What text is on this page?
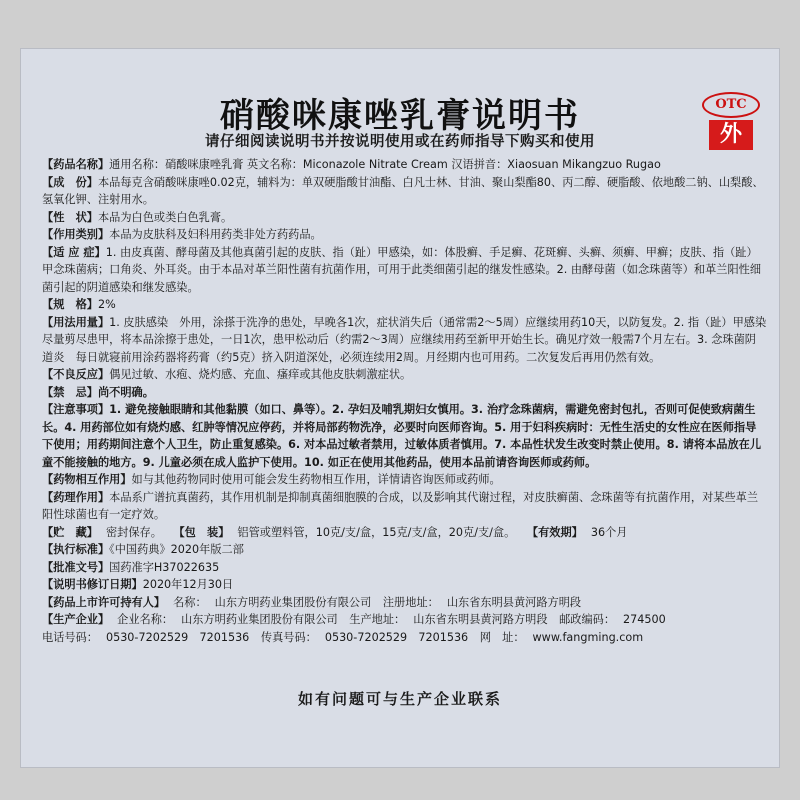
硝酸咪康唑乳膏说明书	OTC
外
请仔细阅读说明书并按说明使用或在药师指导下购买和使用
【药品名称】通用名称：硝酸咪康唑乳膏 英文名称：Miconazole Nitrate Cream 汉语拼音：Xiaosuan Mikangzuo Rugao
【成　份】本品每克含硝酸咪康唑0.02克，辅料为：单双硬脂酸甘油酯、白凡士林、甘油、聚山梨酯80、丙二醇、硬脂酸、依地酸二钠、山梨酸、氢氧化钾、注射用水。
【性　状】本品为白色或类白色乳膏。
【作用类别】本品为皮肤科及妇科用药类非处方药药品。
【适 应 症】1. 由皮真菌、酵母菌及其他真菌引起的皮肤、指（趾）甲感染，如：体股癣、手足癣、花斑癣、头癣、须癣、甲癣；皮肤、指（趾）甲念珠菌病；口角炎、外耳炎。由于本品对革兰阳性菌有抗菌作用，可用于此类细菌引起的继发性感染。2. 由酵母菌（如念珠菌等）和革兰阳性细菌引起的阴道感染和继发感染。
【规　格】2%
【用法用量】1. 皮肤感染　外用，涂搽于洗净的患处，早晚各1次，症状消失后（通常需2～5周）应继续用药10天，以防复发。2. 指（趾）甲感染　尽量剪尽患甲，将本品涂擦于患处，一日1次，患甲松动后（约需2～3周）应继续用药至新甲开始生长。确见疗效一般需7个月左右。3. 念珠菌阴道炎　每日就寝前用涂药器将药膏（约5克）挤入阴道深处，必须连续用2周。月经期内也可用药。二次复发后再用仍然有效。
【不良反应】偶见过敏、水疱、烧灼感、充血、瘙痒或其他皮肤刺激症状。
【禁　忌】尚不明确。
【注意事项】1. 避免接触眼睛和其他黏膜（如口、鼻等）。2. 孕妇及哺乳期妇女慎用。3. 治疗念珠菌病，需避免密封包扎，否则可促使致病菌生长。4. 用药部位如有烧灼感、红肿等情况应停药，并将局部药物洗净，必要时向医师咨询。5. 用于妇科疾病时：无性生活史的女性应在医师指导下使用；用药期间注意个人卫生，防止重复感染。6. 对本品过敏者禁用，过敏体质者慎用。7. 本品性状发生改变时禁止使用。8. 请将本品放在儿童不能接触的地方。9. 儿童必须在成人监护下使用。10. 如正在使用其他药品，使用本品前请咨询医师或药师。
【药物相互作用】如与其他药物同时使用可能会发生药物相互作用，详情请咨询医师或药师。
【药理作用】本品系广谱抗真菌药，其作用机制是抑制真菌细胞膜的合成，以及影响其代谢过程，对皮肤癣菌、念珠菌等有抗菌作用，对某些革兰阳性球菌也有一定疗效。
【贮　藏】 密封保存。 【包　装】 铝管或塑料管，10克/支/盒，15克/支/盒，20克/支/盒。 【有效期】 36个月
【执行标准】《中国药典》2020年版二部
【批准文号】国药准字H37022635
【说明书修订日期】2020年12月30日
【药品上市许可持有人】 名称： 山东方明药业集团股份有限公司 注册地址： 山东省东明县黄河路方明段
【生产企业】 企业名称： 山东方明药业集团股份有限公司 生产地址： 山东省东明县黄河路方明段 邮政编码： 274500
电话号码： 0530-7202529　7201536 传真号码： 0530-7202529　7201536 网　址： www.fangming.com
如有问题可与生产企业联系
